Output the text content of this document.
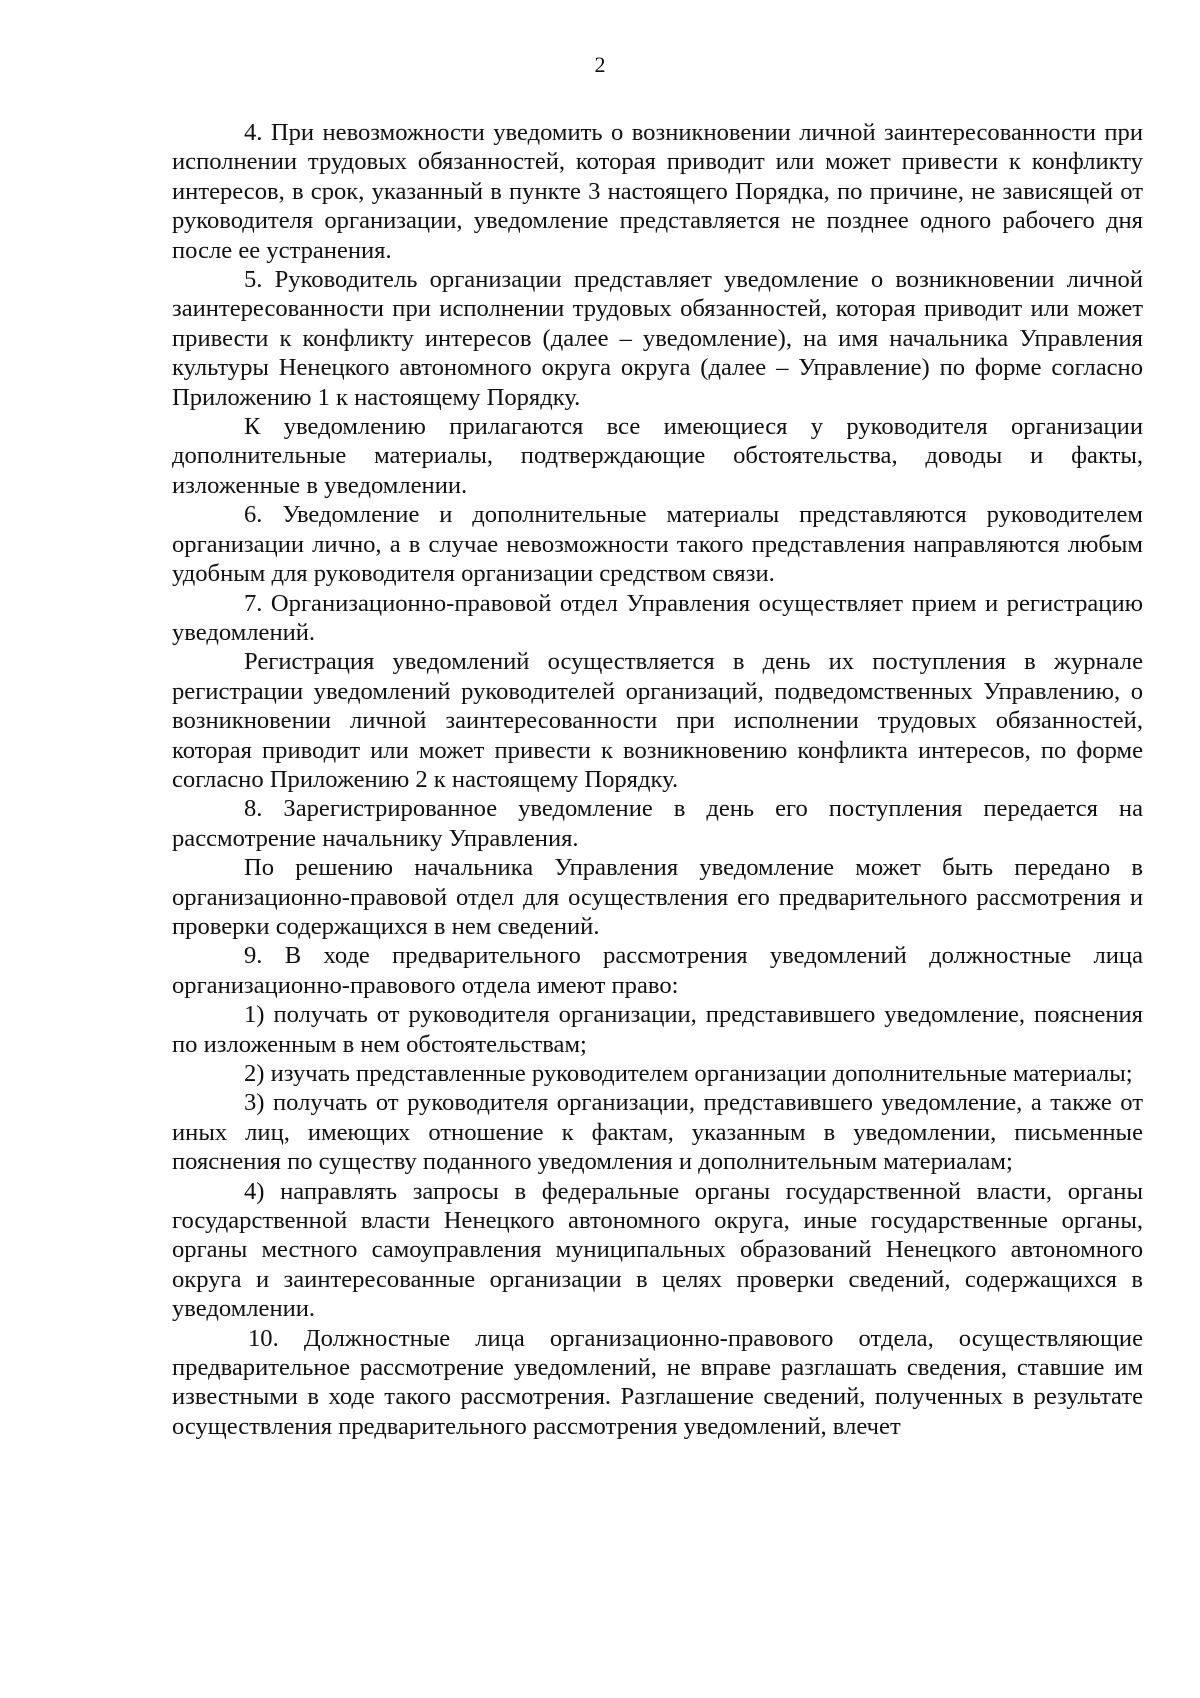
2

4. При невозможности уведомить о возникновении личной заинтересованности при исполнении трудовых обязанностей, которая приводит или может привести к конфликту интересов, в срок, указанный в пункте 3 настоящего Порядка, по причине, не зависящей от руководителя организации, уведомление представляется не позднее одного рабочего дня после ее устранения.

5. Руководитель организации представляет уведомление о возникновении личной заинтересованности при исполнении трудовых обязанностей, которая приводит или может привести к конфликту интересов (далее – уведомление), на имя начальника Управления культуры Ненецкого автономного округа округа (далее – Управление) по форме согласно Приложению 1 к настоящему Порядку.

К уведомлению прилагаются все имеющиеся у руководителя организации дополнительные материалы, подтверждающие обстоятельства, доводы и факты, изложенные в уведомлении.

6. Уведомление и дополнительные материалы представляются руководителем организации лично, а в случае невозможности такого представления направляются любым удобным для руководителя организации средством связи.

7. Организационно-правовой отдел Управления осуществляет прием и регистрацию уведомлений.

Регистрация уведомлений осуществляется в день их поступления в журнале регистрации уведомлений руководителей организаций, подведомственных Управлению, о возникновении личной заинтересованности при исполнении трудовых обязанностей, которая приводит или может привести к возникновению конфликта интересов, по форме согласно Приложению 2 к настоящему Порядку.

8. Зарегистрированное уведомление в день его поступления передается на рассмотрение начальнику Управления.

По решению начальника Управления уведомление может быть передано в организационно-правовой отдел для осуществления его предварительного рассмотрения и проверки содержащихся в нем сведений.

9. В ходе предварительного рассмотрения уведомлений должностные лица организационно-правового отдела имеют право:

1) получать от руководителя организации, представившего уведомление, пояснения по изложенным в нем обстоятельствам;

2) изучать представленные руководителем организации дополнительные материалы;

3) получать от руководителя организации, представившего уведомление, а также от иных лиц, имеющих отношение к фактам, указанным в уведомлении, письменные пояснения по существу поданного уведомления и дополнительным материалам;

4) направлять запросы в федеральные органы государственной власти, органы государственной власти Ненецкого автономного округа, иные государственные органы, органы местного самоуправления муниципальных образований Ненецкого автономного округа и заинтересованные организации в целях проверки сведений, содержащихся в уведомлении.

10. Должностные лица организационно-правового отдела, осуществляющие предварительное рассмотрение уведомлений, не вправе разглашать сведения, ставшие им известными в ходе такого рассмотрения. Разглашение сведений, полученных в результате осуществления предварительного рассмотрения уведомлений, влечет
